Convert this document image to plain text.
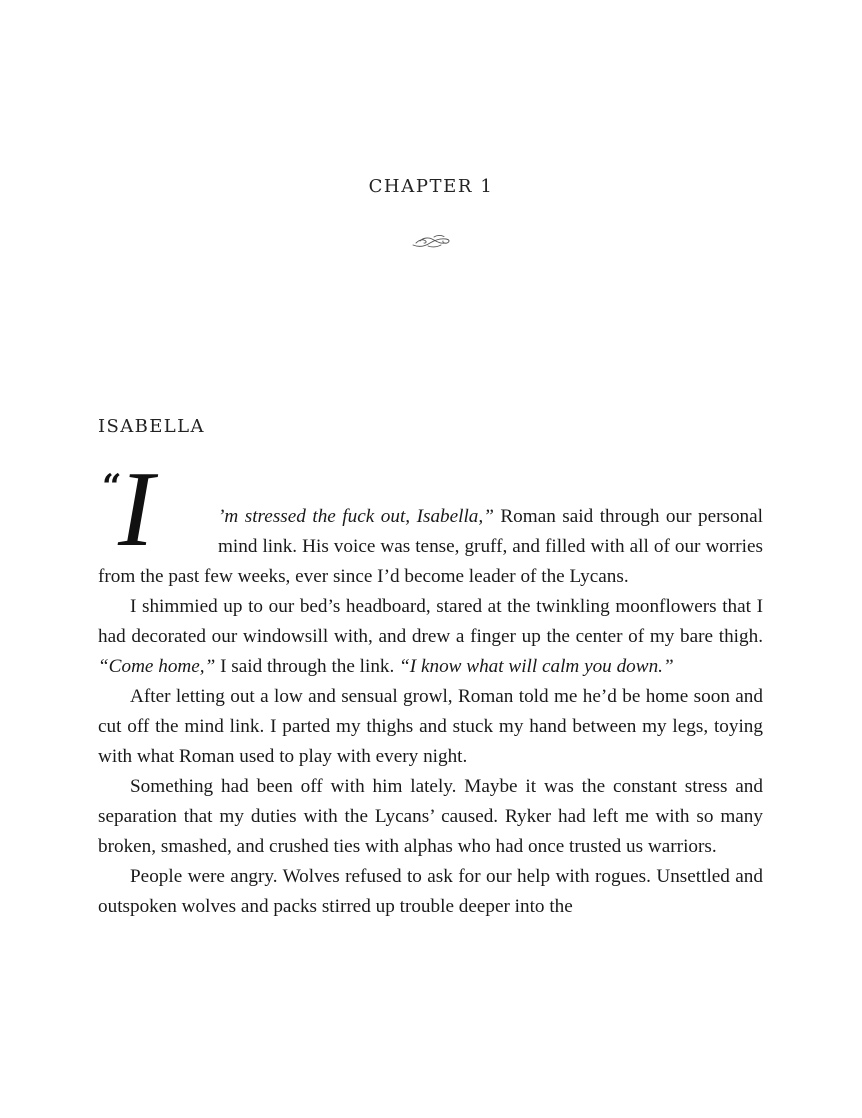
CHAPTER 1
ISABELLA

“
I	’m stressed the fuck out, Isabella,” Roman said through our personal mind link. His voice was tense, gruff, and filled with all of our worries from the past few weeks, ever since I’d become leader of the Lycans.

I shimmied up to our bed’s headboard, stared at the twinkling moonflowers that I had decorated our windowsill with, and drew a finger up the center of my bare thigh. “Come home,” I said through the link. “I know what will calm you down.”

After letting out a low and sensual growl, Roman told me he’d be home soon and cut off the mind link. I parted my thighs and stuck my hand between my legs, toying with what Roman used to play with every night.

Something had been off with him lately. Maybe it was the constant stress and separation that my duties with the Lycans’ caused. Ryker had left me with so many broken, smashed, and crushed ties with alphas who had once trusted us warriors.

People were angry. Wolves refused to ask for our help with rogues. Unsettled and outspoken wolves and packs stirred up trouble deeper into the
